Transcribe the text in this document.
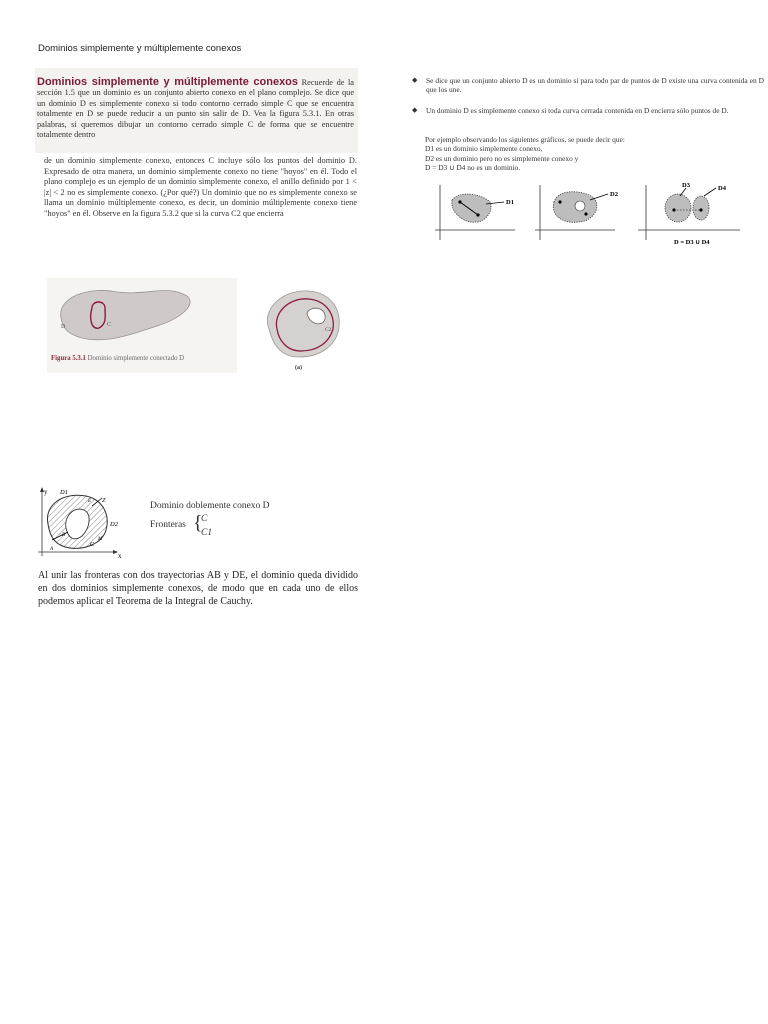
Dominios simplemente y múltiplemente conexos
Dominios simplemente y múltiplemente conexos Recuerde de la sección 1.5 que un dominio es un conjunto abierto conexo en el plano complejo. Se dice que un dominio D es simplemente conexo si todo contorno cerrado simple C que se encuentra totalmente en D se puede reducir a un punto sin salir de D. Vea la figura 5.3.1. En otras palabras, si queremos dibujar un contorno cerrado simple C de forma que se encuentre totalmente dentro
de un dominio simplemente conexo, entonces C incluye sólo los puntos del dominio D. Expresado de otra manera, un dominio simplemente conexo no tiene "hoyos" en él. Todo el plano complejo es un ejemplo de un dominio simplemente conexo, el anillo definido por 1 < |z| < 2 no es simplemente conexo. (¿Por qué?) Un dominio que no es simplemente conexo se llama un dominio múltiplemente conexo, es decir, un dominio múltiplemente conexo tiene "hoyos" en él. Observe en la figura 5.3.2 que si la curva C2 que encierra
D	C
Figura 5.3.1 Dominio simplemente conectado D
C2
(a)
◆ Se dice que un conjunto abierto D es un dominio si para todo par de puntos de D existe una curva contenida en D que los une.
◆ Un dominio D es simplemente conexo si toda curva cerrada contenida en D encierra sólo puntos de D.
Por ejemplo observando los siguientes gráficos, se puede decir que:
D1 es un dominio simplemente conexo,
D2 es un dominio pero no es simplemente conexo y
D = D3 ∪ D4 no es un dominio.
D1
D2
D3	D4
D = D3 ∪ D4
y
x
D1
D2
Z
C
M
E
A
B
Dominio doblemente conexo D
Fronteras {
C
C1
Al unir las fronteras con dos trayectorias AB y DE, el dominio queda dividido en dos dominios simplemente conexos, de modo que en cada uno de ellos podemos aplicar el Teorema de la Integral de Cauchy.
